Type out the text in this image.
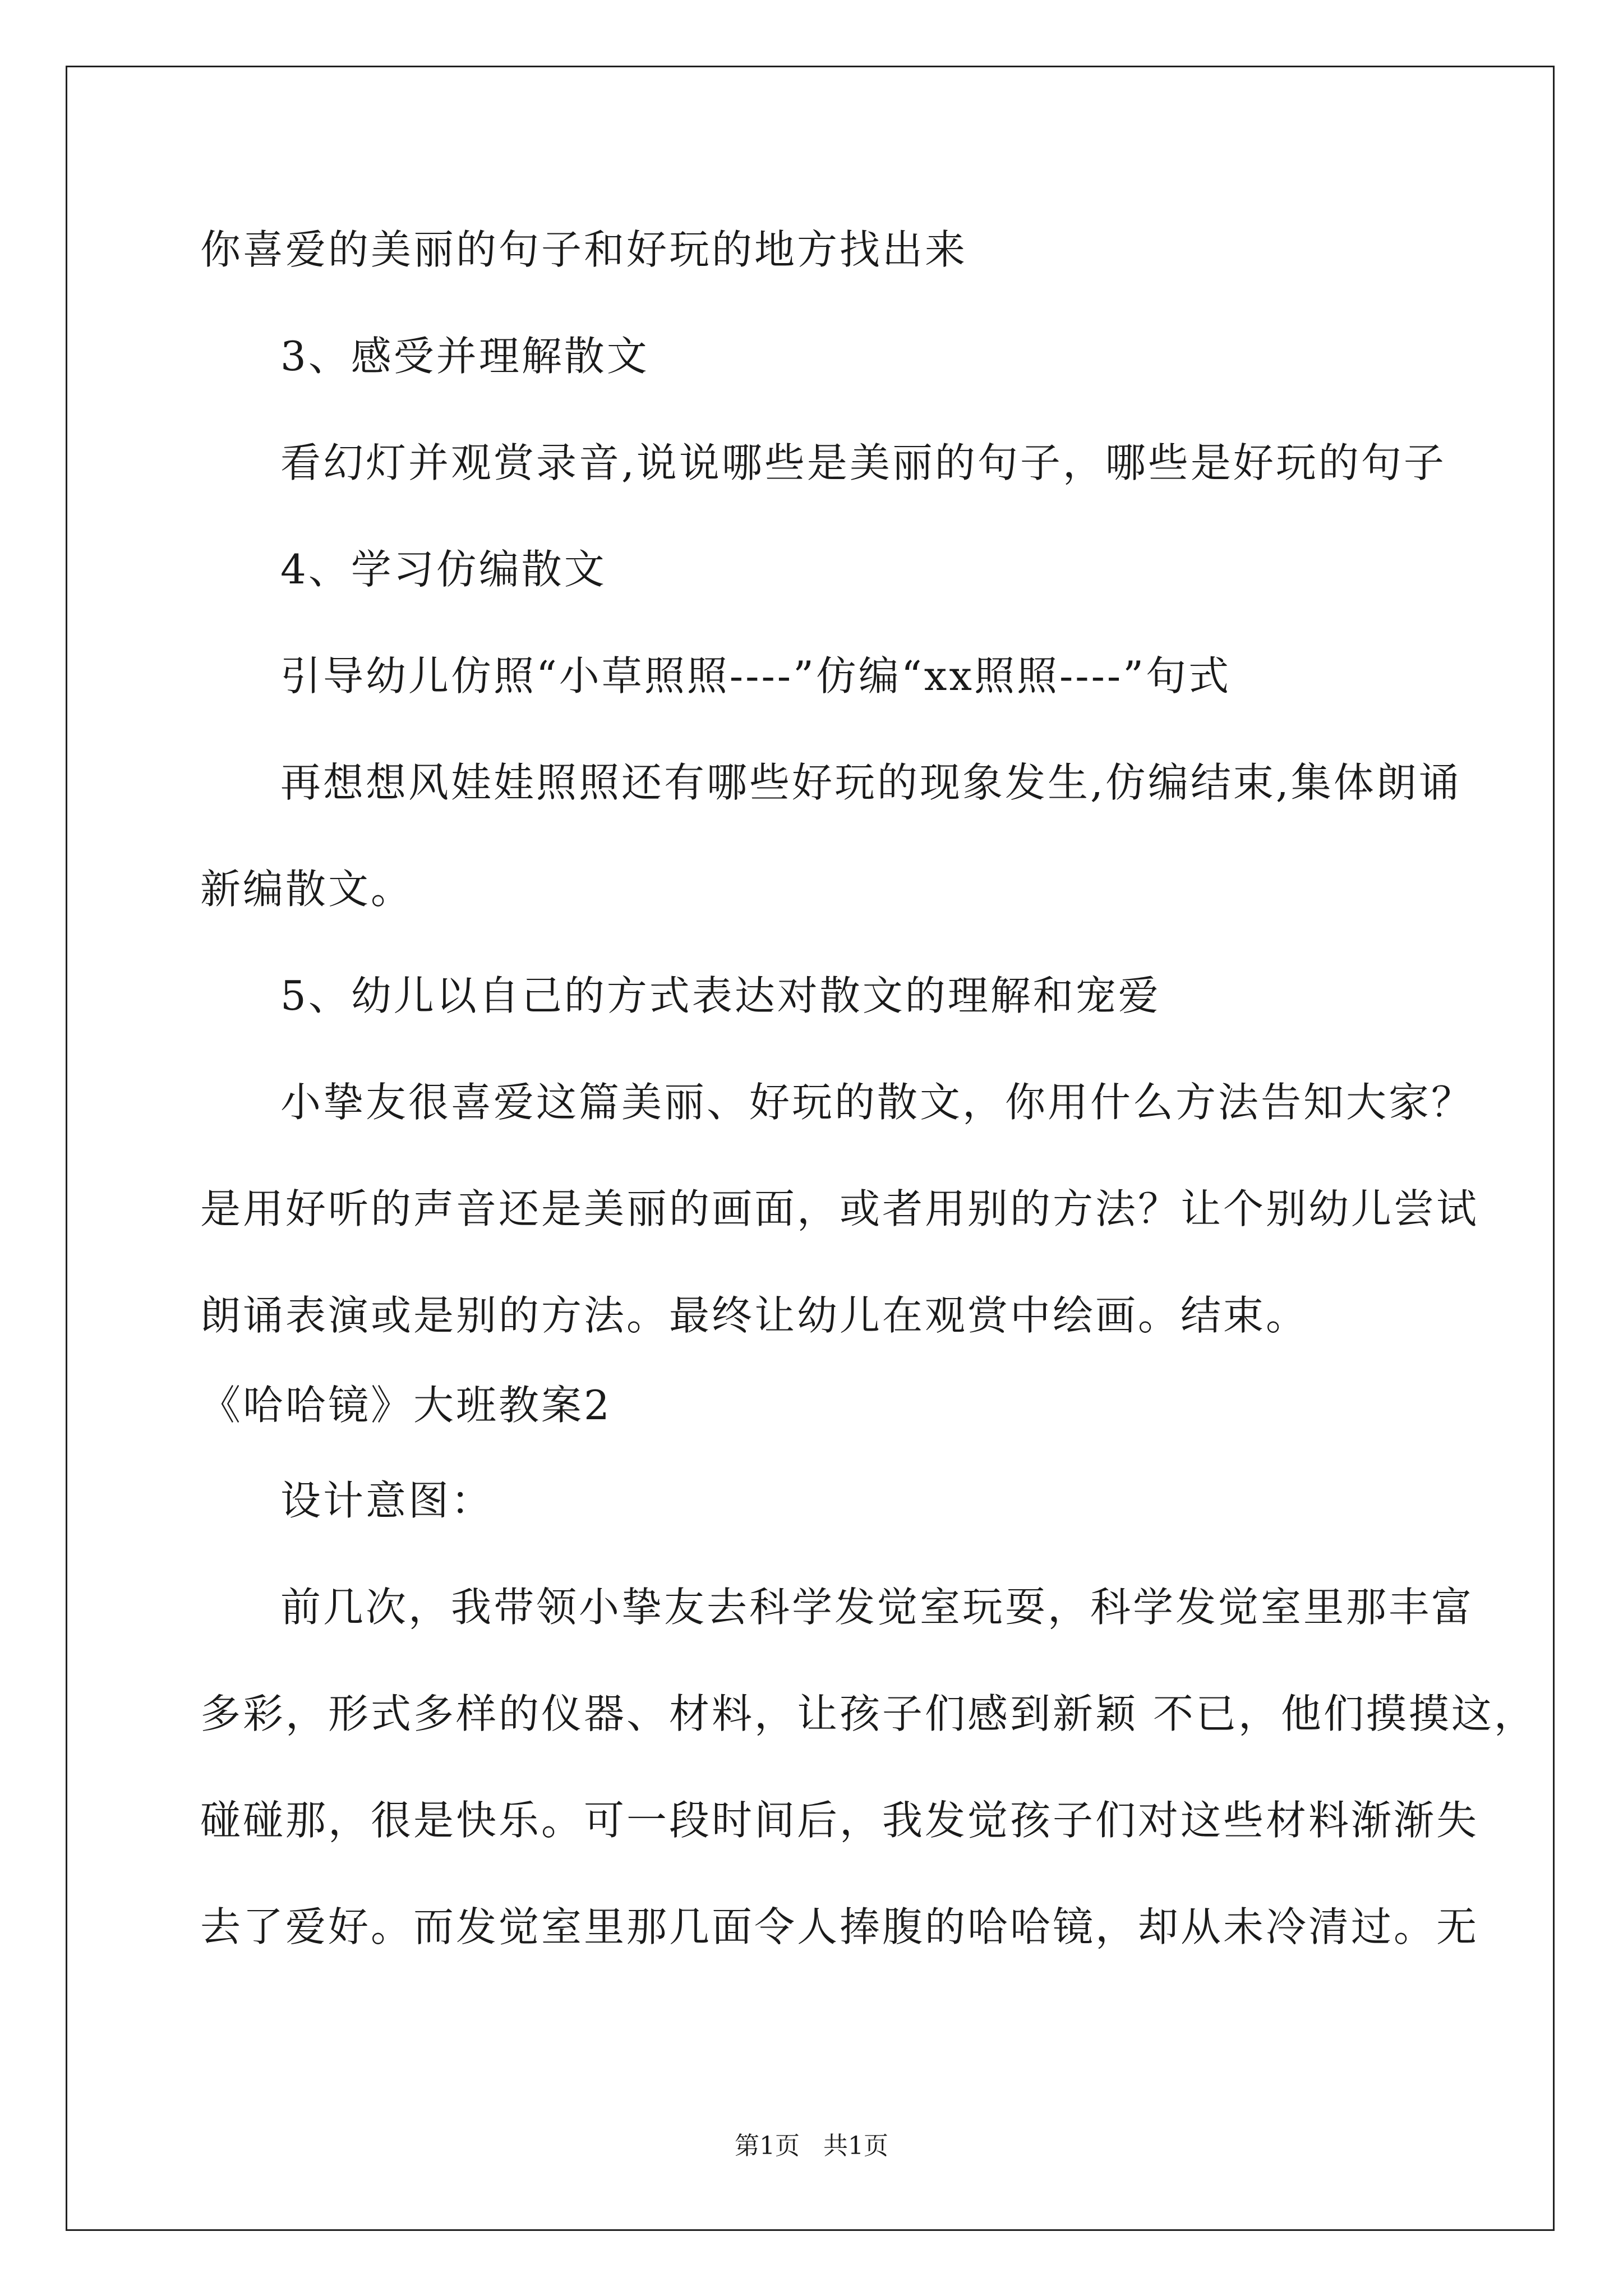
你喜爱的美丽的句子和好玩的地方找出来
3、感受并理解散文
看幻灯并观赏录音,说说哪些是美丽的句子，哪些是好玩的句子
4、学习仿编散文
引导幼儿仿照“小草照照----”仿编“xx照照----”句式
再想想风娃娃照照还有哪些好玩的现象发生,仿编结束,集体朗诵
新编散文。
5、幼儿以自己的方式表达对散文的理解和宠爱
小挚友很喜爱这篇美丽、好玩的散文，你用什么方法告知大家？
是用好听的声音还是美丽的画面，或者用别的方法？让个别幼儿尝试
朗诵表演或是别的方法。最终让幼儿在观赏中绘画。结束。
《哈哈镜》大班教案2
设计意图：
前几次，我带领小挚友去科学发觉室玩耍，科学发觉室里那丰富
多彩，形式多样的仪器、材料，让孩子们感到新颖 不已，他们摸摸这，
碰碰那，很是快乐。可一段时间后，我发觉孩子们对这些材料渐渐失
去了爱好。而发觉室里那几面令人捧腹的哈哈镜，却从未冷清过。无
第1页   共1页
